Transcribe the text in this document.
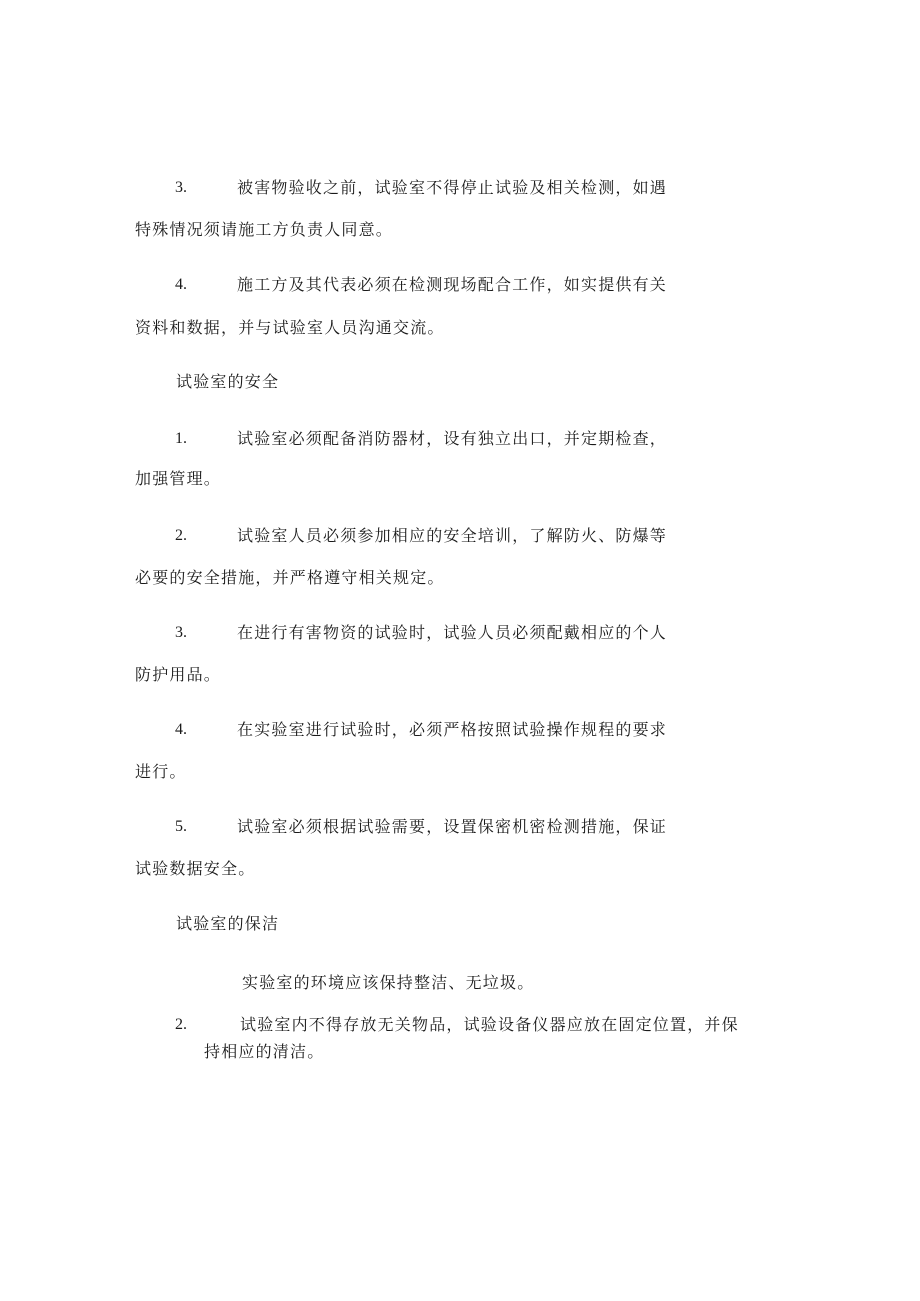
3.	被害物验收之前，试验室不得停止试验及相关检测，如遇
特殊情况须请施工方负责人同意。
4.	施工方及其代表必须在检测现场配合工作，如实提供有关
资料和数据，并与试验室人员沟通交流。
试验室的安全
1.	试验室必须配备消防器材，设有独立出口，并定期检查，
加强管理。
2.	试验室人员必须参加相应的安全培训，了解防火、防爆等
必要的安全措施，并严格遵守相关规定。
3.	在进行有害物资的试验时，试验人员必须配戴相应的个人
防护用品。
4.	在实验室进行试验时，必须严格按照试验操作规程的要求
进行。
5.	试验室必须根据试验需要，设置保密机密检测措施，保证
试验数据安全。
试验室的保洁
实验室的环境应该保持整洁、无垃圾。
2.	试验室内不得存放无关物品，试验设备仪器应放在固定位置，并保
持相应的清洁。
